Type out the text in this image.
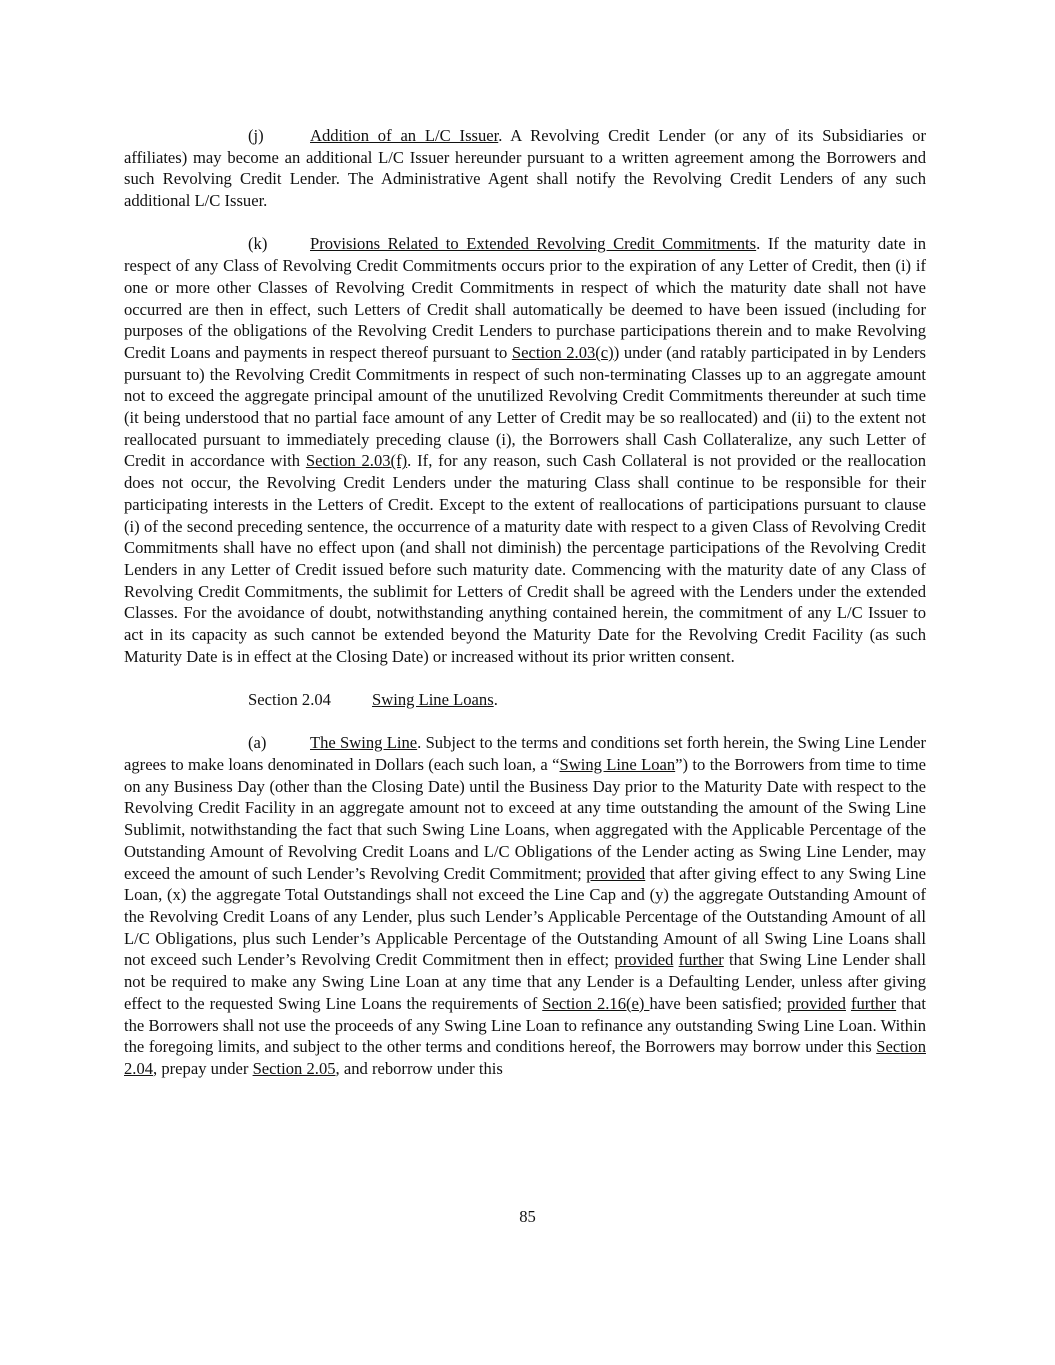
(j)	Addition of an L/C Issuer. A Revolving Credit Lender (or any of its Subsidiaries or affiliates) may become an additional L/C Issuer hereunder pursuant to a written agreement among the Borrowers and such Revolving Credit Lender. The Administrative Agent shall notify the Revolving Credit Lenders of any such additional L/C Issuer.

(k)	Provisions Related to Extended Revolving Credit Commitments. If the maturity date in respect of any Class of Revolving Credit Commitments occurs prior to the expiration of any Letter of Credit, then (i) if one or more other Classes of Revolving Credit Commitments in respect of which the maturity date shall not have occurred are then in effect, such Letters of Credit shall automatically be deemed to have been issued (including for purposes of the obligations of the Revolving Credit Lenders to purchase participations therein and to make Revolving Credit Loans and payments in respect thereof pursuant to Section 2.03(c)) under (and ratably participated in by Lenders pursuant to) the Revolving Credit Commitments in respect of such non-terminating Classes up to an aggregate amount not to exceed the aggregate principal amount of the unutilized Revolving Credit Commitments thereunder at such time (it being understood that no partial face amount of any Letter of Credit may be so reallocated) and (ii) to the extent not reallocated pursuant to immediately preceding clause (i), the Borrowers shall Cash Collateralize, any such Letter of Credit in accordance with Section 2.03(f). If, for any reason, such Cash Collateral is not provided or the reallocation does not occur, the Revolving Credit Lenders under the maturing Class shall continue to be responsible for their participating interests in the Letters of Credit. Except to the extent of reallocations of participations pursuant to clause (i) of the second preceding sentence, the occurrence of a maturity date with respect to a given Class of Revolving Credit Commitments shall have no effect upon (and shall not diminish) the percentage participations of the Revolving Credit Lenders in any Letter of Credit issued before such maturity date. Commencing with the maturity date of any Class of Revolving Credit Commitments, the sublimit for Letters of Credit shall be agreed with the Lenders under the extended Classes. For the avoidance of doubt, notwithstanding anything contained herein, the commitment of any L/C Issuer to act in its capacity as such cannot be extended beyond the Maturity Date for the Revolving Credit Facility (as such Maturity Date is in effect at the Closing Date) or increased without its prior written consent.

Section 2.04 Swing Line Loans.

(a)	The Swing Line. Subject to the terms and conditions set forth herein, the Swing Line Lender agrees to make loans denominated in Dollars (each such loan, a “Swing Line Loan”) to the Borrowers from time to time on any Business Day (other than the Closing Date) until the Business Day prior to the Maturity Date with respect to the Revolving Credit Facility in an aggregate amount not to exceed at any time outstanding the amount of the Swing Line Sublimit, notwithstanding the fact that such Swing Line Loans, when aggregated with the Applicable Percentage of the Outstanding Amount of Revolving Credit Loans and L/C Obligations of the Lender acting as Swing Line Lender, may exceed the amount of such Lender’s Revolving Credit Commitment; provided that after giving effect to any Swing Line Loan, (x) the aggregate Total Outstandings shall not exceed the Line Cap and (y) the aggregate Outstanding Amount of the Revolving Credit Loans of any Lender, plus such Lender’s Applicable Percentage of the Outstanding Amount of all L/C Obligations, plus such Lender’s Applicable Percentage of the Outstanding Amount of all Swing Line Loans shall not exceed such Lender’s Revolving Credit Commitment then in effect; provided further that Swing Line Lender shall not be required to make any Swing Line Loan at any time that any Lender is a Defaulting Lender, unless after giving effect to the requested Swing Line Loans the requirements of Section 2.16(e) have been satisfied; provided further that the Borrowers shall not use the proceeds of any Swing Line Loan to refinance any outstanding Swing Line Loan. Within the foregoing limits, and subject to the other terms and conditions hereof, the Borrowers may borrow under this Section 2.04, prepay under Section 2.05, and reborrow under this

85
